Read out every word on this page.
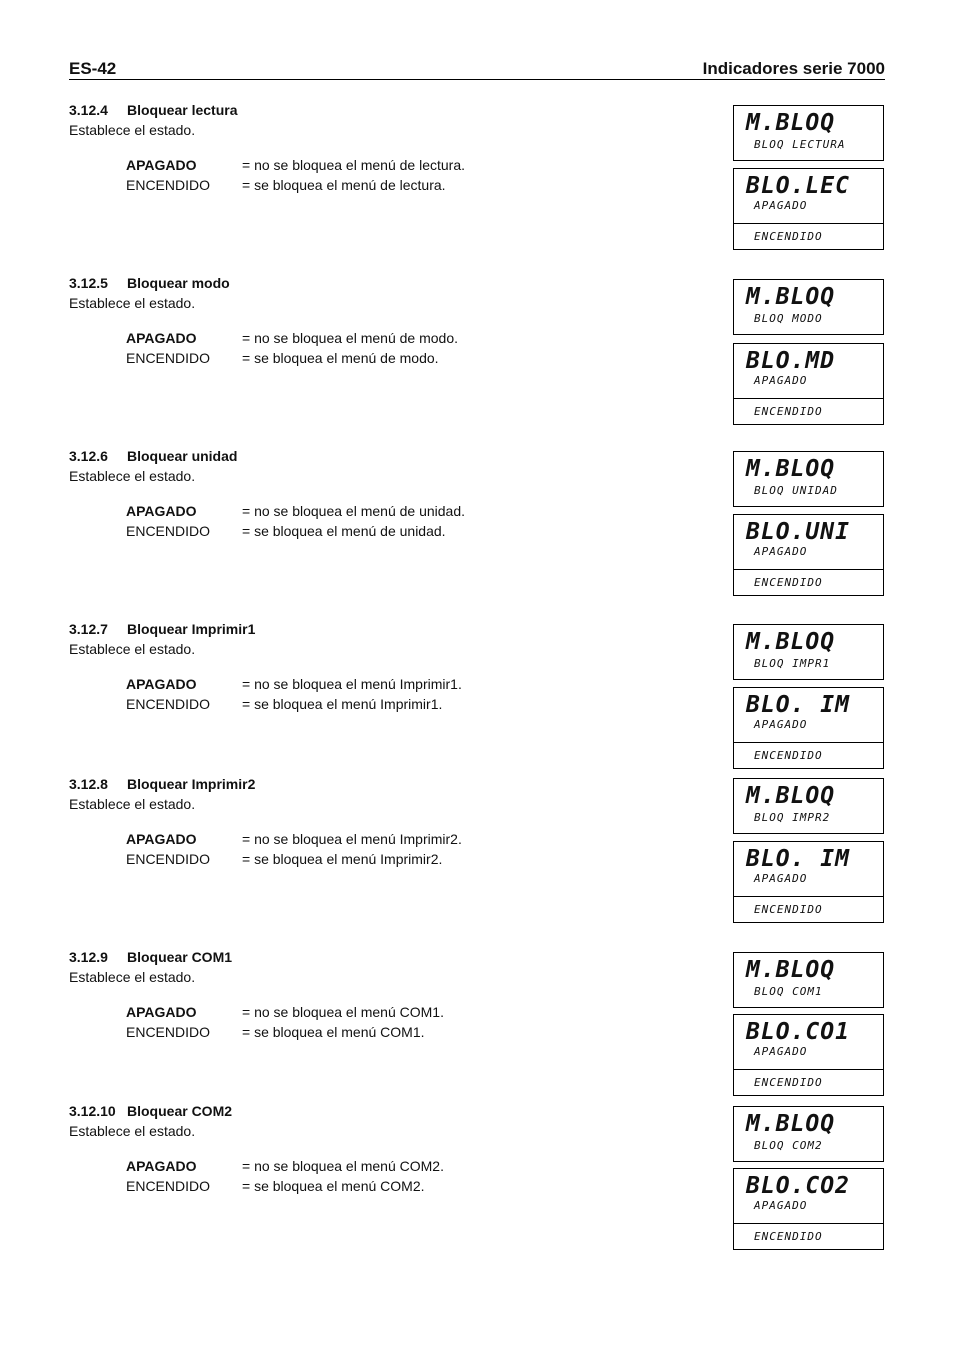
ES-42	Indicadores serie 7000
3.12.4 Bloquear lectura
Establece el estado.
APAGADO	= no se bloquea el menú de lectura.
ENCENDIDO = se bloquea el menú de lectura.
M.BLOQ
BLOQ LECTURA
BLO.LEC
APAGADO
ENCENDIDO
3.12.5 Bloquear modo
Establece el estado.
APAGADO	= no se bloquea el menú de modo.
ENCENDIDO = se bloquea el menú de modo.
M.BLOQ
BLOQ MODO
BLO.MD
APAGADO
ENCENDIDO
3.12.6 Bloquear unidad
Establece el estado.
APAGADO	= no se bloquea el menú de unidad.
ENCENDIDO = se bloquea el menú de unidad.
M.BLOQ
BLOQ UNIDAD
BLO.UNI
APAGADO
ENCENDIDO
3.12.7 Bloquear Imprimir1
Establece el estado.
APAGADO	= no se bloquea el menú Imprimir1.
ENCENDIDO = se bloquea el menú Imprimir1.
M.BLOQ
BLOQ IMPR1
BLO. IM
APAGADO
ENCENDIDO
3.12.8 Bloquear Imprimir2
Establece el estado.
APAGADO	= no se bloquea el menú Imprimir2.
ENCENDIDO = se bloquea el menú Imprimir2.
M.BLOQ
BLOQ IMPR2
BLO. IM
APAGADO
ENCENDIDO
3.12.9 Bloquear COM1
Establece el estado.
APAGADO	= no se bloquea el menú COM1.
ENCENDIDO = se bloquea el menú COM1.
M.BLOQ
BLOQ COM1
BLO.CO1
APAGADO
ENCENDIDO
3.12.10 Bloquear COM2
Establece el estado.
APAGADO	= no se bloquea el menú COM2.
ENCENDIDO = se bloquea el menú COM2.
M.BLOQ
BLOQ COM2
BLO.CO2
APAGADO
ENCENDIDO
